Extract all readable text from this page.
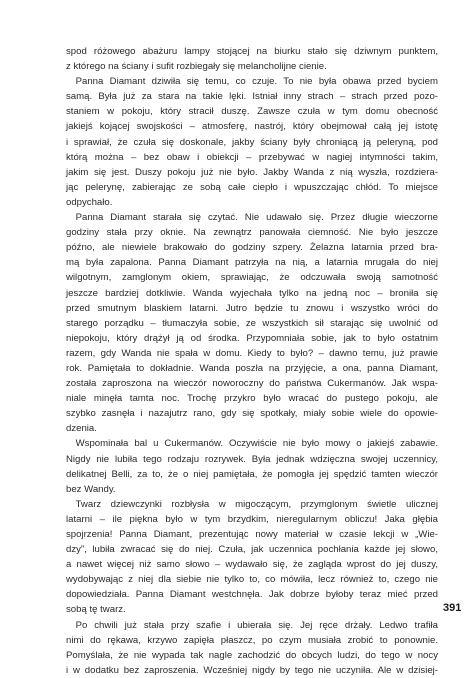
spod różowego abażuru lampy stojącej na biurku stało się dziwnym punktem,
z którego na ściany i sufit rozbiegały się melancholijne cienie.
 Panna Diamant dziwiła się temu, co czuje. To nie była obawa przed byciem
samą. Była już za stara na takie lęki. Istniał inny strach – strach przed pozo-
staniem w pokoju, który stracił duszę. Zawsze czuła w tym domu obecność
jakiejś kojącej swojskości – atmosferę, nastrój, który obejmował całą jej istotę
i sprawiał, że czuła się doskonale, jakby ściany były chroniącą ją peleryną, pod
którą można – bez obaw i obiekcji – przebywać w nagiej intymności takim,
jakim się jest. Duszy pokoju już nie było. Jakby Wanda z nią wyszła, rozdziera-
jąc pelerynę, zabierając ze sobą całe ciepło i wpuszczając chłód. To miejsce
odpychało.
 Panna Diamant starała się czytać. Nie udawało się. Przez długie wieczorne
godziny stała przy oknie. Na zewnątrz panowała ciemność. Nie było jeszcze
późno, ale niewiele brakowało do godziny szpery. Żelazna latarnia przed bra-
mą była zapalona. Panna Diamant patrzyła na nią, a latarnia mrugała do niej
wilgotnym, zamglonym okiem, sprawiając, że odczuwała swoją samotność
jeszcze bardziej dotkliwie. Wanda wyjechała tylko na jedną noc – broniła się
przed smutnym blaskiem latarni. Jutro będzie tu znowu i wszystko wróci do
starego porządku – tłumaczyła sobie, ze wszystkich sił starając się uwolnić od
niepokoju, który drążył ją od środka. Przypomniała sobie, jak to było ostatnim
razem, gdy Wanda nie spała w domu. Kiedy to było? – dawno temu, już prawie
rok. Pamiętała to dokładnie. Wanda poszła na przyjęcie, a ona, panna Diamant,
została zaproszona na wieczór noworoczny do państwa Cukermanów. Jak wspa-
niale minęła tamta noc. Trochę przykro było wracać do pustego pokoju, ale
szybko zasnęła i nazajutrz rano, gdy się spotkały, miały sobie wiele do opowie-
dzenia.
 Wspominała bal u Cukermanów. Oczywiście nie było mowy o jakiejś zabawie.
Nigdy nie lubiła tego rodzaju rozrywek. Była jednak wdzięczna swojej uczennicy,
delikatnej Belli, za to, że o niej pamiętała, że pomogła jej spędzić tamten wieczór
bez Wandy.
 Twarz dziewczynki rozbłysła w migoczącym, przymglonym świetle ulicznej
latarni – ile piękna było w tym brzydkim, nieregularnym obliczu! Jaka głębia
spojrzenia! Panna Diamant, prezentując nowy materiał w czasie lekcji w „Wie-
dzy”, lubiła zwracać się do niej. Czuła, jak uczennica pochłania każde jej słowo,
a nawet więcej niż samo słowo – wydawało się, że zagląda wprost do jej duszy,
wydobywając z niej dla siebie nie tylko to, co mówiła, lecz również to, czego nie
dopowiedziała. Panna Diamant westchnęła. Jak dobrze byłoby teraz mieć przed
sobą tę twarz.
 Po chwili już stała przy szafie i ubierała się. Jej ręce drżały. Ledwo trafiła
nimi do rękawa, krzywo zapięła płaszcz, po czym musiała zrobić to ponownie.
Pomyślała, że nie wypada tak nagle zachodzić do obcych ludzi, do tego w nocy
i w dodatku bez zaproszenia. Wcześniej nigdy by tego nie uczyniła. Ale w dzisiej-
391
